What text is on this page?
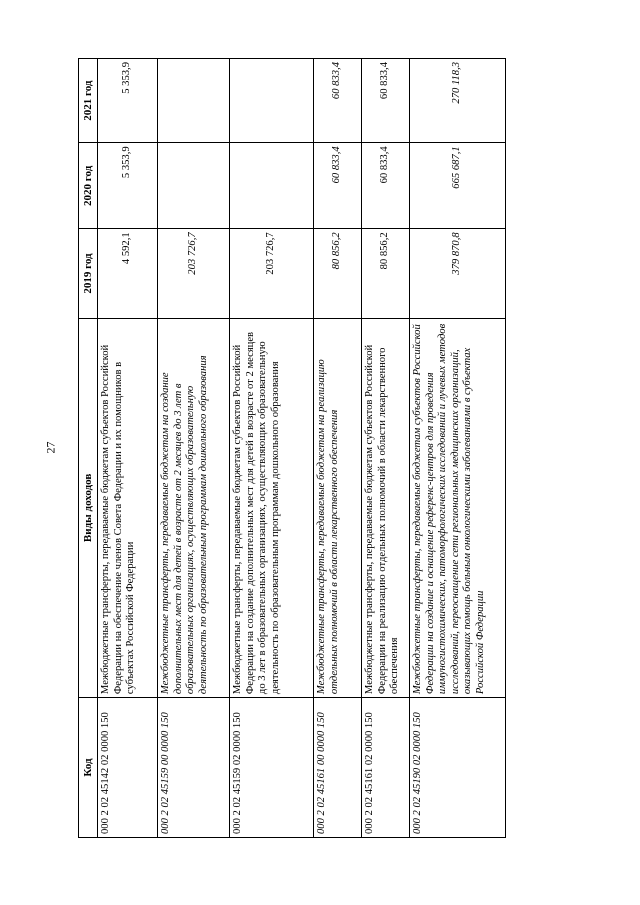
27
Код	Виды доходов	2019 год	2020 год	2021 год
000 2 02 45142 02 0000 150	Межбюджетные трансферты, передаваемые бюджетам субъектов Российской Федерации на обеспечение членов Совета Федерации и их помощников в субъектах Российской Федерации	4 592,1	5 353,9	5 353,9
000 2 02 45159 00 0000 150	Межбюджетные трансферты, передаваемые бюджетам на создание дополнительных мест для детей в возрасте от 2 месяцев до 3 лет в образовательных организациях, осуществляющих образовательную деятельность по образовательным программам дошкольного образования	203 726,7		
000 2 02 45159 02 0000 150	Межбюджетные трансферты, передаваемые бюджетам субъектов Российской Федерации на создание дополнительных мест для детей в возрасте от 2 месяцев до 3 лет в образовательных организациях, осуществляющих образовательную деятельность по образовательным программам дошкольного образования	203 726,7		
000 2 02 45161 00 0000 150	Межбюджетные трансферты, передаваемые бюджетам на реализацию отдельных полномочий в области лекарственного обеспечения	80 856,2	60 833,4	60 833,4
000 2 02 45161 02 0000 150	Межбюджетные трансферты, передаваемые бюджетам субъектов Российской Федерации на реализацию отдельных полномочий в области лекарственного обеспечения	80 856,2	60 833,4	60 833,4
000 2 02 45190 02 0000 150	Межбюджетные трансферты, передаваемые бюджетам субъектов Российской Федерации на создание и оснащение референс-центров для проведения иммуногистохимических, патоморфологических исследований и лучевых методов исследований, переоснащение сети региональных медицинских организаций, оказывающих помощь больным онкологическими заболеваниями в субъектах Российской Федерации	379 870,8	665 687,1	270 118,3
